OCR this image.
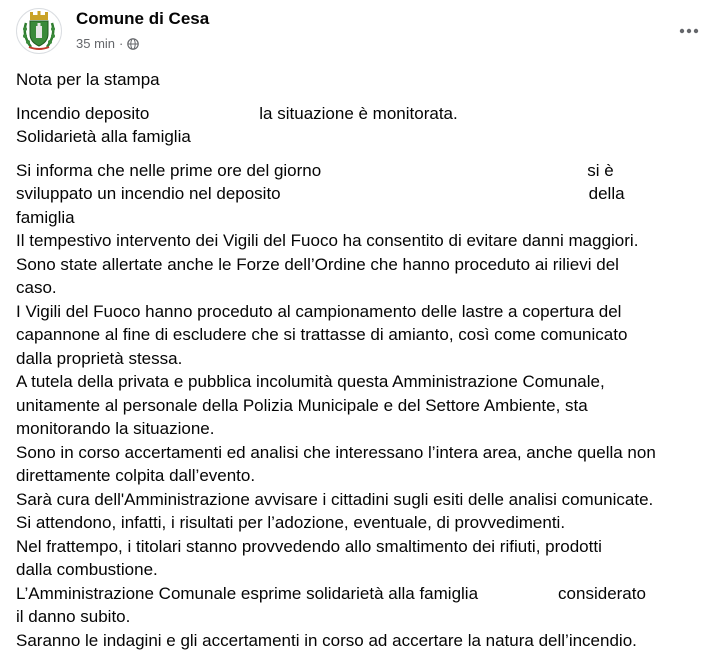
Comune di Cesa
35 min ·
Nota per la stampa
Incendio deposito	la situazione è monitorata.
Solidarietà alla famiglia
Si informa che nelle prime ore del giorno	si è
sviluppato un incendio nel deposito	della
famiglia
Il tempestivo intervento dei Vigili del Fuoco ha consentito di evitare danni maggiori.
Sono state allertate anche le Forze dell’Ordine che hanno proceduto ai rilievi del
caso.
I Vigili del Fuoco hanno proceduto al campionamento delle lastre a copertura del
capannone al fine di escludere che si trattasse di amianto, così come comunicato
dalla proprietà stessa.
A tutela della privata e pubblica incolumità questa Amministrazione Comunale,
unitamente al personale della Polizia Municipale e del Settore Ambiente, sta
monitorando la situazione.
Sono in corso accertamenti ed analisi che interessano l’intera area, anche quella non
direttamente colpita dall’evento.
Sarà cura dell'Amministrazione avvisare i cittadini sugli esiti delle analisi comunicate.
Si attendono, infatti, i risultati per l’adozione, eventuale, di provvedimenti.
Nel frattempo, i titolari stanno provvedendo allo smaltimento dei rifiuti, prodotti
dalla combustione.
L’Amministrazione Comunale esprime solidarietà alla famiglia	considerato
il danno subito.
Saranno le indagini e gli accertamenti in corso ad accertare la natura dell’incendio.
